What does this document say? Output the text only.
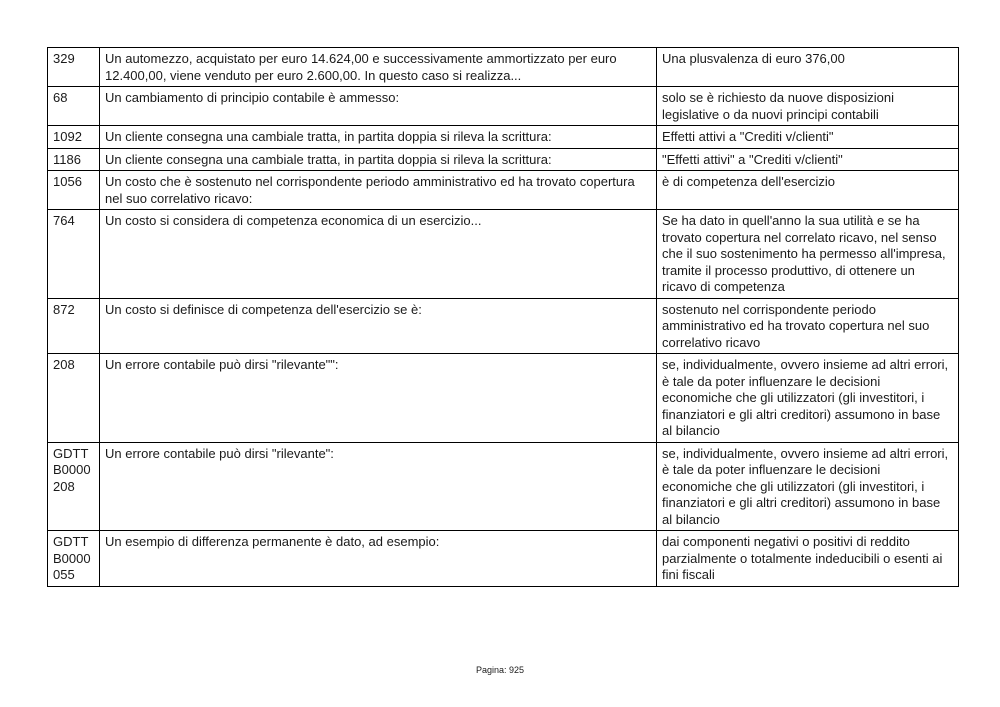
329	Un automezzo, acquistato per euro 14.624,00 e successivamente ammortizzato per euro 12.400,00, viene venduto per euro 2.600,00. In questo caso si realizza...	Una plusvalenza di euro 376,00
68	Un cambiamento di principio contabile è ammesso:	solo se è richiesto da nuove disposizioni legislative o da nuovi principi contabili
1092	Un cliente consegna una cambiale tratta, in partita doppia si rileva la scrittura:	Effetti attivi a "Crediti v/clienti"
1186	Un cliente consegna una cambiale tratta, in partita doppia si rileva la scrittura:	"Effetti attivi" a "Crediti v/clienti"
1056	Un costo che è sostenuto nel corrispondente periodo amministrativo ed ha trovato copertura nel suo correlativo ricavo:	è di competenza dell'esercizio
764	Un costo si considera di competenza economica di un esercizio...	Se ha dato in quell'anno la sua utilità e se ha trovato copertura nel correlato ricavo, nel senso che il suo sostenimento ha permesso all'impresa, tramite il processo produttivo, di ottenere un ricavo di competenza
872	Un costo si definisce di competenza dell'esercizio se è:	sostenuto nel corrispondente periodo amministrativo ed ha trovato copertura nel suo correlativo ricavo
208	Un errore contabile può dirsi "rilevante"":	se, individualmente, ovvero insieme ad altri errori, è tale da poter influenzare le decisioni economiche che gli utilizzatori (gli investitori, i finanziatori e gli altri creditori) assumono in base al bilancio
GDTT B0000 208	Un errore contabile può dirsi "rilevante":	se, individualmente, ovvero insieme ad altri errori, è tale da poter influenzare le decisioni economiche che gli utilizzatori (gli investitori, i finanziatori e gli altri creditori) assumono in base al bilancio
GDTT B0000 055	Un esempio di differenza permanente è dato, ad esempio:	dai componenti negativi o positivi di reddito parzialmente o totalmente indeducibili o esenti ai fini fiscali
Pagina: 925
